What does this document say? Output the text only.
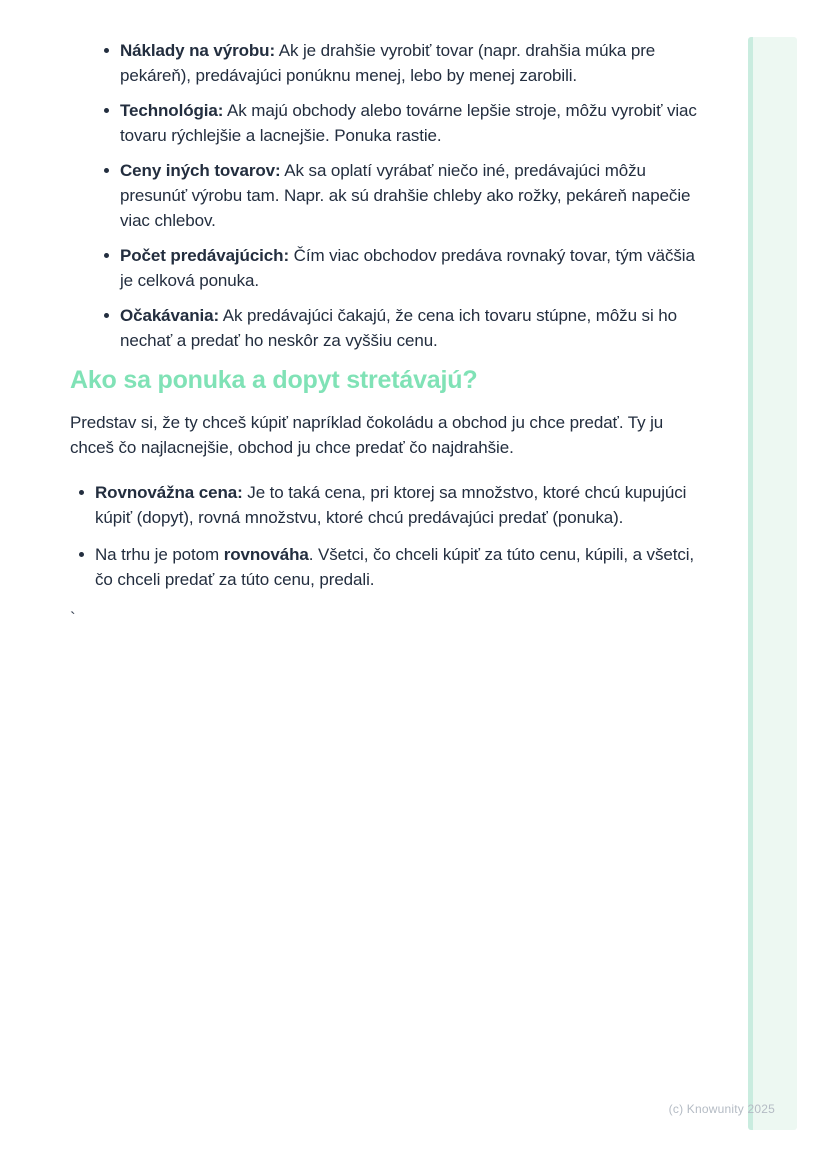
Náklady na výrobu: Ak je drahšie vyrobiť tovar (napr. drahšia múka pre pekáreň), predávajúci ponúknu menej, lebo by menej zarobili.
Technológia: Ak majú obchody alebo továrne lepšie stroje, môžu vyrobiť viac tovaru rýchlejšie a lacnejšie. Ponuka rastie.
Ceny iných tovarov: Ak sa oplatí vyrábať niečo iné, predávajúci môžu presunúť výrobu tam. Napr. ak sú drahšie chleby ako rožky, pekáreň napečie viac chlebov.
Počet predávajúcich: Čím viac obchodov predáva rovnaký tovar, tým väčšia je celková ponuka.
Očakávania: Ak predávajúci čakajú, že cena ich tovaru stúpne, môžu si ho nechať a predať ho neskôr za vyššiu cenu.
Ako sa ponuka a dopyt stretávajú?

Predstav si, že ty chceš kúpiť napríklad čokoládu a obchod ju chce predať. Ty ju chceš čo najlacnejšie, obchod ju chce predať čo najdrahšie.

Rovnovážna cena: Je to taká cena, pri ktorej sa množstvo, ktoré chcú kupujúci kúpiť (dopyt), rovná množstvu, ktoré chcú predávajúci predať (ponuka).
Na trhu je potom rovnováha. Všetci, čo chceli kúpiť za túto cenu, kúpili, a všetci, čo chceli predať za túto cenu, predali.
`
(c) Knowunity 2025
